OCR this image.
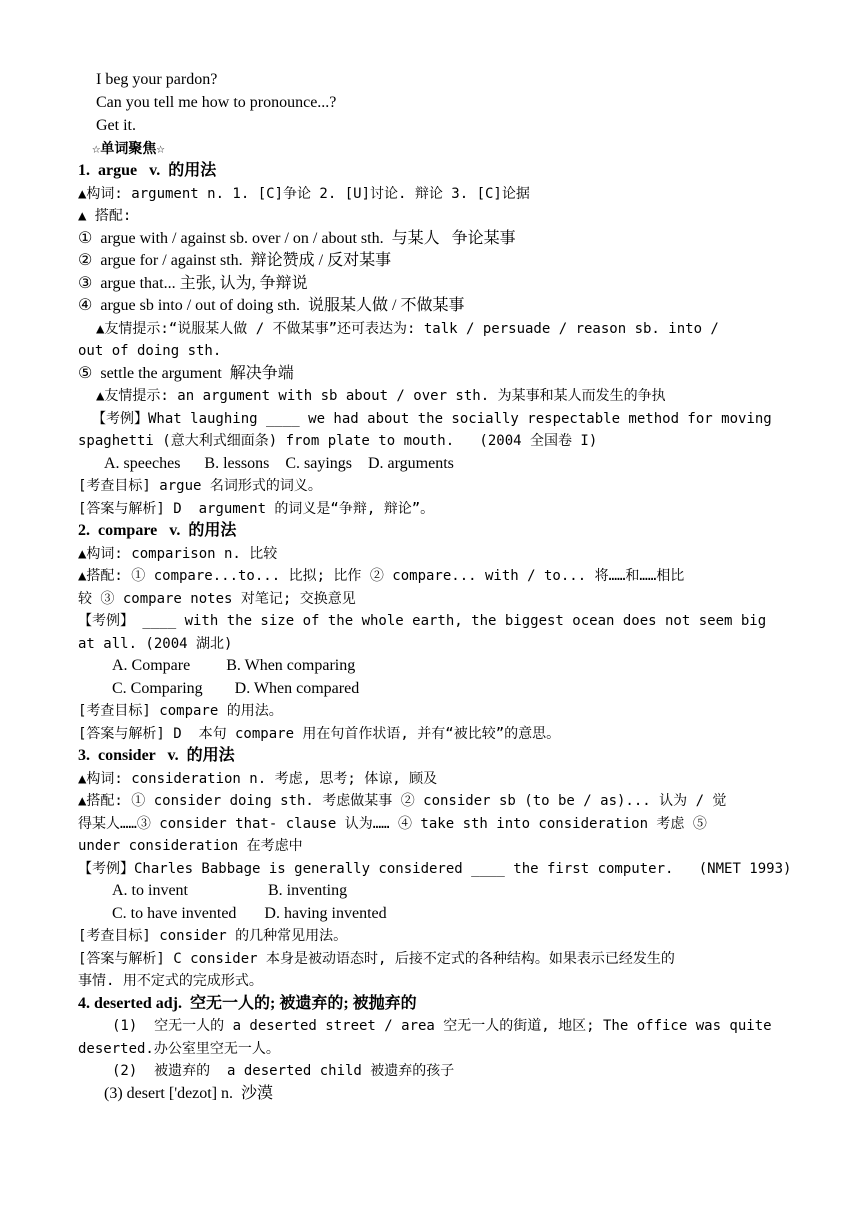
I beg your pardon?
Can you tell me how to pronounce...?
Get it.
☆单词聚焦☆
1.  argue   v.  的用法
▲构词: argument n. 1. [C]争论 2. [U]讨论. 辩论 3. [C]论据
▲ 搭配:
①  argue with / against sb. over / on / about sth.  与某人   争论某事
②  argue for / against sth.  辩论赞成 / 反对某事
③  argue that... 主张, 认为, 争辩说
④  argue sb into / out of doing sth.  说服某人做 / 不做某事
▲友情提示:“说服某人做 / 不做某事”还可表达为: talk / persuade / reason sb. into /
out of doing sth.
⑤  settle the argument  解决争端
▲友情提示: an argument with sb about / over sth. 为某事和某人而发生的争执
【考例】What laughing ____ we had about the socially respectable method for moving
spaghetti (意大利式细面条) from plate to mouth.   (2004 全国卷 I)
A. speeches      B. lessons    C. sayings    D. arguments
[考查目标] argue 名词形式的词义。
[答案与解析] D  argument 的词义是“争辩, 辩论”。
2.  compare   v.  的用法
▲构词: comparison n. 比较
▲搭配: ① compare...to... 比拟; 比作 ② compare... with / to... 将……和……相比
较 ③ compare notes 对笔记; 交换意见
【考例】 ____ with the size of the whole earth, the biggest ocean does not seem big
at all. (2004 湖北)
A. Compare         B. When comparing
C. Comparing        D. When compared
[考查目标] compare 的用法。
[答案与解析] D  本句 compare 用在句首作状语, 并有“被比较”的意思。
3.  consider   v.  的用法
▲构词: consideration n. 考虑, 思考; 体谅, 顾及
▲搭配: ① consider doing sth. 考虑做某事 ② consider sb (to be / as)... 认为 / 觉
得某人……③ consider that- clause 认为…… ④ take sth into consideration 考虑 ⑤
under consideration 在考虑中
【考例】Charles Babbage is generally considered ____ the first computer.   (NMET 1993)
A. to invent                    B. inventing
C. to have invented       D. having invented
[考查目标] consider 的几种常见用法。
[答案与解析] C consider 本身是被动语态时, 后接不定式的各种结构。如果表示已经发生的
事情. 用不定式的完成形式。
4. deserted adj.  空无一人的; 被遗弃的; 被抛弃的
(1)  空无一人的 a deserted street / area 空无一人的街道, 地区; The office was quite
deserted.办公室里空无一人。
(2)  被遗弃的  a deserted child 被遗弃的孩子
(3) desert ['dezot] n.  沙漠
